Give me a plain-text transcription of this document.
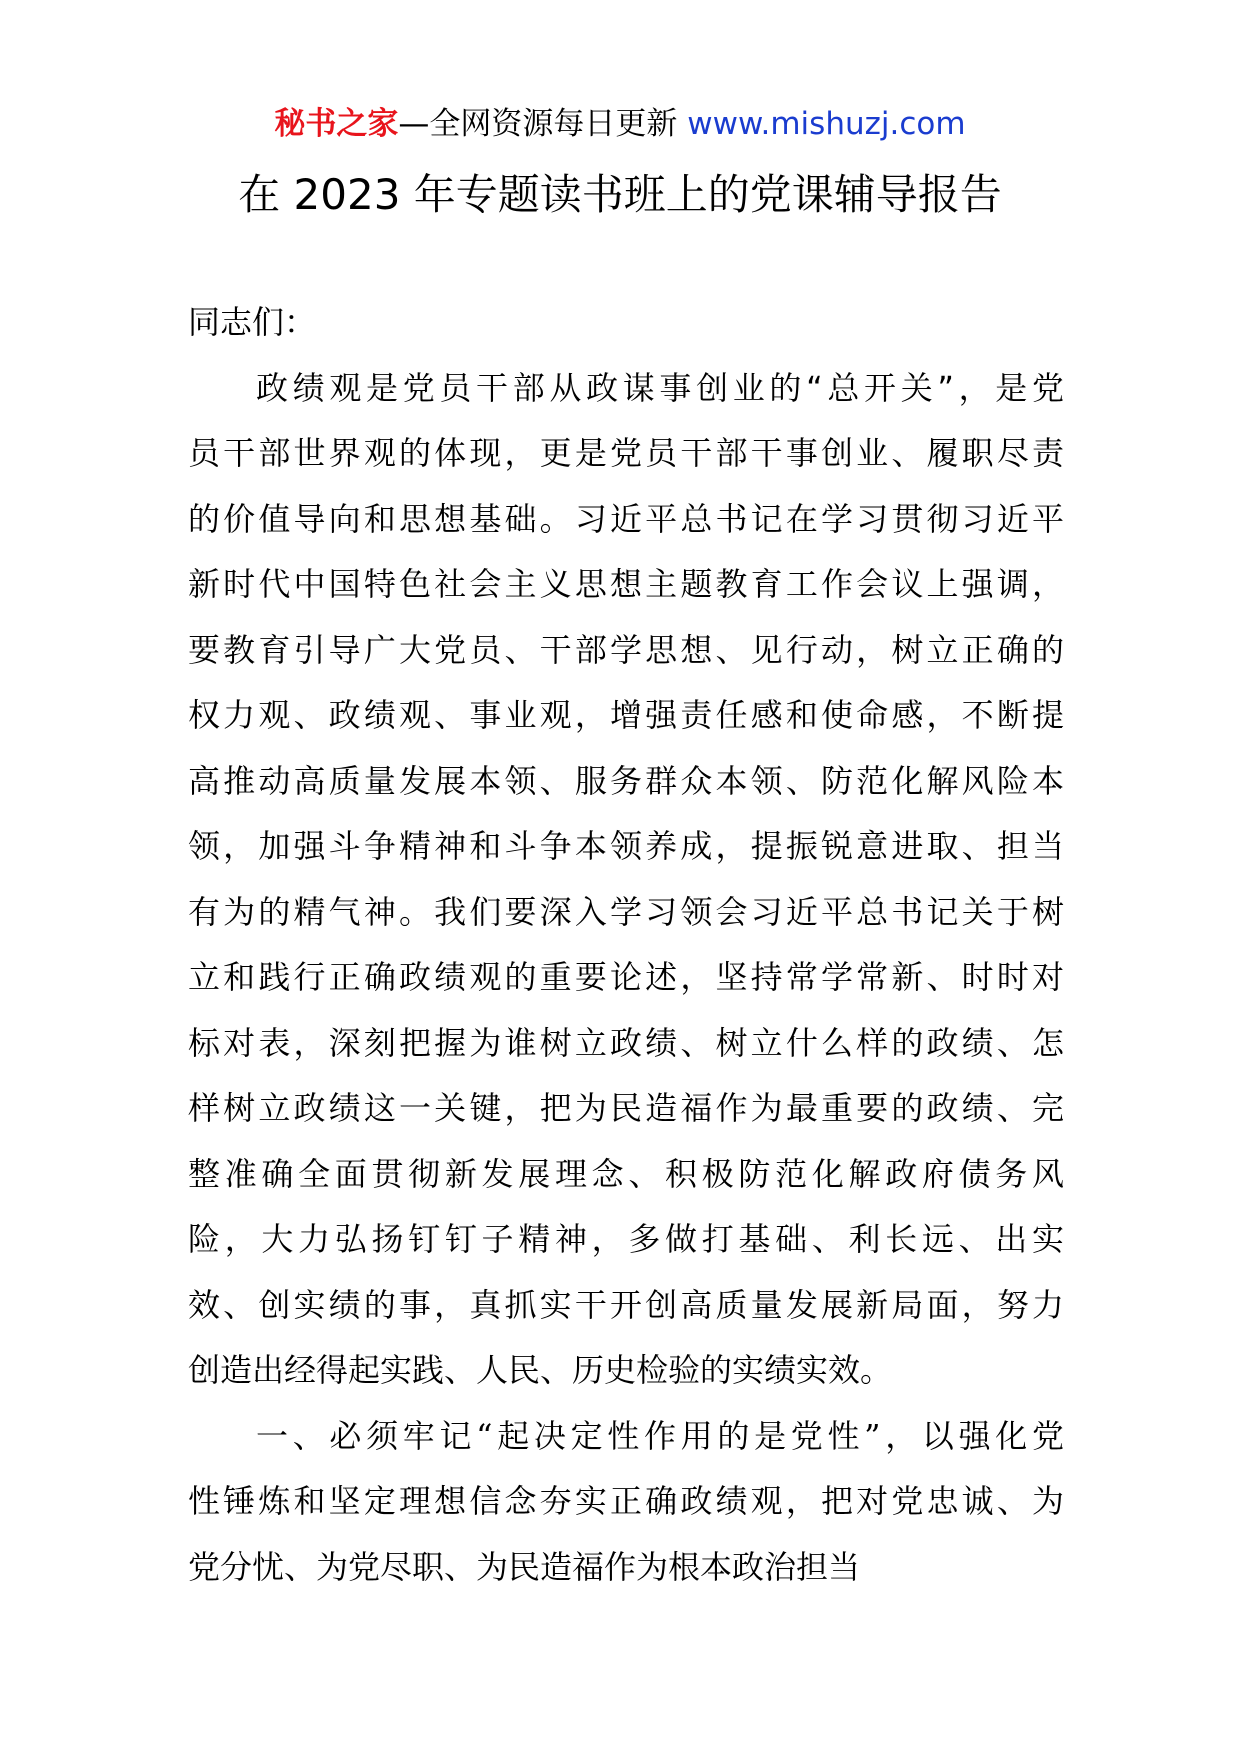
秘书之家—全网资源每日更新 www.mishuzj.com
在 2023 年专题读书班上的党课辅导报告
同志们：
政绩观是党员干部从政谋事创业的“总开关”，是党
员干部世界观的体现，更是党员干部干事创业、履职尽责
的价值导向和思想基础。习近平总书记在学习贯彻习近平
新时代中国特色社会主义思想主题教育工作会议上强调，
要教育引导广大党员、干部学思想、见行动，树立正确的
权力观、政绩观、事业观，增强责任感和使命感，不断提
高推动高质量发展本领、服务群众本领、防范化解风险本
领，加强斗争精神和斗争本领养成，提振锐意进取、担当
有为的精气神。我们要深入学习领会习近平总书记关于树
立和践行正确政绩观的重要论述，坚持常学常新、时时对
标对表，深刻把握为谁树立政绩、树立什么样的政绩、怎
样树立政绩这一关键，把为民造福作为最重要的政绩、完
整准确全面贯彻新发展理念、积极防范化解政府债务风
险，大力弘扬钉钉子精神，多做打基础、利长远、出实
效、创实绩的事，真抓实干开创高质量发展新局面，努力
创造出经得起实践、人民、历史检验的实绩实效。
一、必须牢记“起决定性作用的是党性”，以强化党
性锤炼和坚定理想信念夯实正确政绩观，把对党忠诚、为
党分忧、为党尽职、为民造福作为根本政治担当
